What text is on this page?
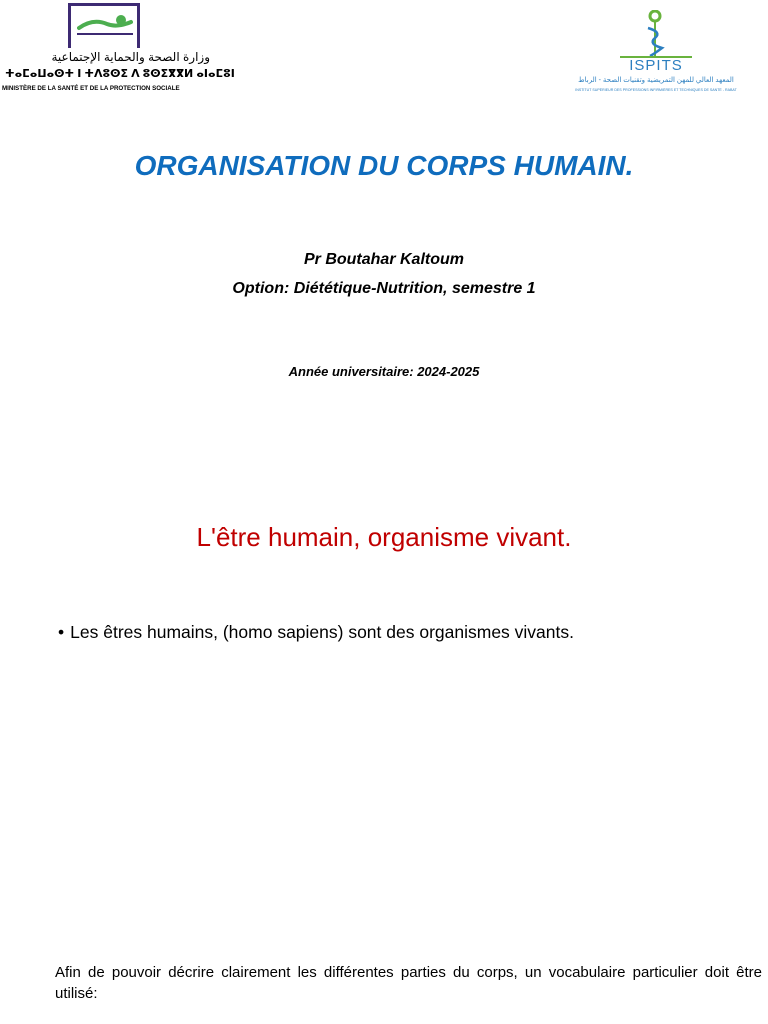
وزارة الصحة والحماية الإجتماعية
ⵜⴰⵎⴰⵡⴰⵙⵜ ⵏ ⵜⴷⵓⵙⵉ ⴷ ⵓⵙⵉⴳⴳⵍ ⴰⵏⴰⵎⵓⵏ
MINISTÈRE DE LA SANTÉ ET DE LA PROTECTION SOCIALE
ISPITS
المعهد العالي للمهن التمريضية وتقنيات الصحة - الرباط
INSTITUT SUPÉRIEUR DES PROFESSIONS INFIRMIÈRES ET TECHNIQUES DE SANTÉ - RABAT
ORGANISATION DU CORPS HUMAIN.
Pr Boutahar Kaltoum
Option: Diététique-Nutrition, semestre 1
Année universitaire: 2024-2025
L'être humain, organisme vivant.
• Les êtres humains, (homo sapiens) sont des organismes vivants.
Afin de pouvoir décrire clairement les différentes parties du corps, un vocabulaire particulier doit être utilisé:
